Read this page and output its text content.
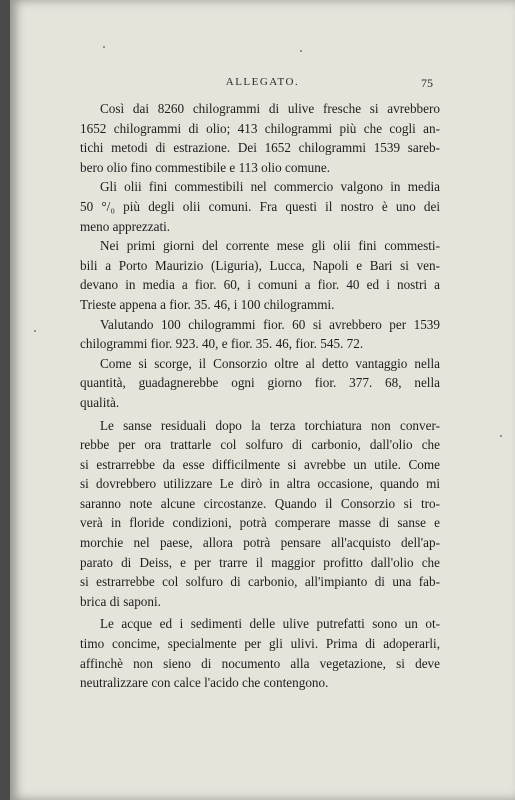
ALLEGATO.	75
Così dai 8260 chilogrammi di ulive fresche si avrebbero
1652 chilogrammi di olio; 413 chilogrammi più che cogli an-
tichi metodi di estrazione. Dei 1652 chilogrammi 1539 sareb-
bero olio fino commestibile e 113 olio comune.
Gli olii fini commestibili nel commercio valgono in media
50 °/₀ più degli olii comuni. Fra questi il nostro è uno dei
meno apprezzati.
Nei primi giorni del corrente mese gli olii fini commesti-
bili a Porto Maurizio (Liguria), Lucca, Napoli e Bari si ven-
devano in media a fior. 60, i comuni a fior. 40 ed i nostri a
Trieste appena a fior. 35. 46, i 100 chilogrammi.
Valutando 100 chilogrammi fior. 60 si avrebbero per 1539
chilogrammi fior. 923. 40, e fior. 35. 46, fior. 545. 72.
Come si scorge, il Consorzio oltre al detto vantaggio nella
quantità, guadagnerebbe ogni giorno fior. 377. 68, nella
qualità.
Le sanse residuali dopo la terza torchiatura non conver-
rebbe per ora trattarle col solfuro di carbonio, dall'olio che
si estrarrebbe da esse difficilmente si avrebbe un utile. Come
si dovrebbero utilizzare Le dirò in altra occasione, quando mi
saranno note alcune circostanze. Quando il Consorzio si tro-
verà in floride condizioni, potrà comperare masse di sanse e
morchie nel paese, allora potrà pensare all'acquisto dell'ap-
parato di Deiss, e per trarre il maggior profitto dall'olio che
si estrarrebbe col solfuro di carbonio, all'impianto di una fab-
brica di saponi.
Le acque ed i sedimenti delle ulive putrefatti sono un ot-
timo concime, specialmente per gli ulivi. Prima di adoperarli,
affinchè non sieno di nocumento alla vegetazione, si deve
neutralizzare con calce l'acido che contengono.
